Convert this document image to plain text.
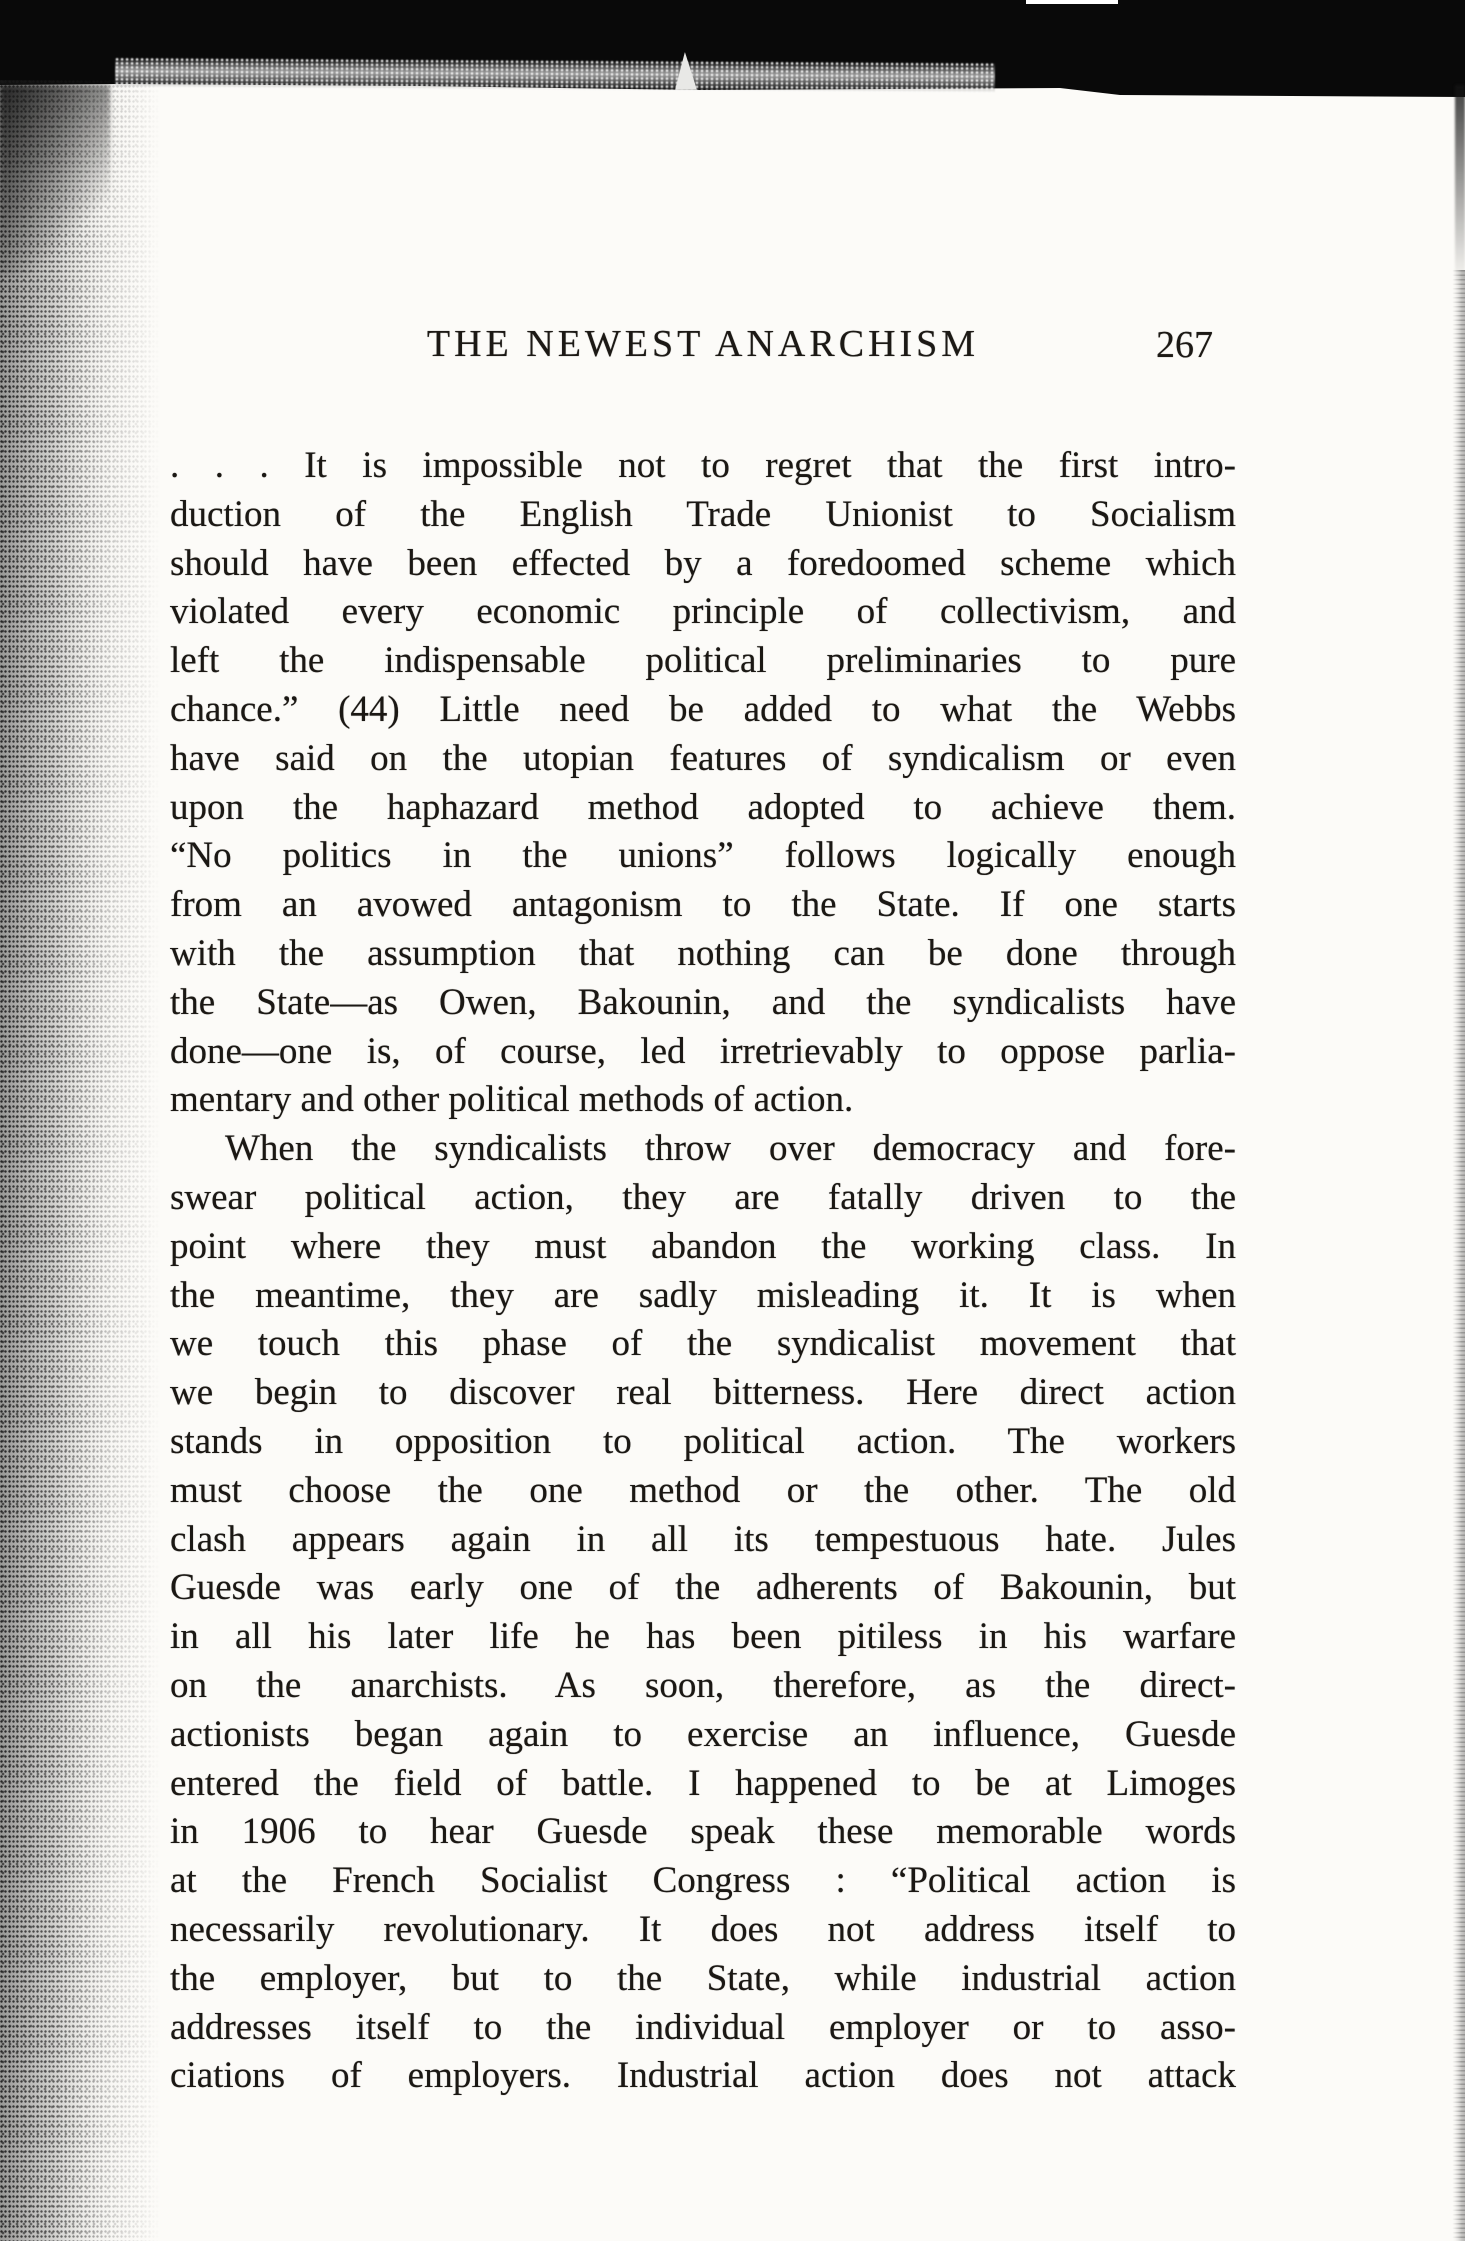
THE NEWEST ANARCHISM	267
. . . It is impossible not to regret that the first intro-
duction of the English Trade Unionist to Socialism
should have been effected by a foredoomed scheme which
violated every economic principle of collectivism, and
left the indispensable political preliminaries to pure
chance.” (44) Little need be added to what the Webbs
have said on the utopian features of syndicalism or even
upon the haphazard method adopted to achieve them.
“No politics in the unions” follows logically enough
from an avowed antagonism to the State. If one starts
with the assumption that nothing can be done through
the State—as Owen, Bakounin, and the syndicalists have
done—one is, of course, led irretrievably to oppose parlia-
mentary and other political methods of action.
When the syndicalists throw over democracy and fore-
swear political action, they are fatally driven to the
point where they must abandon the working class. In
the meantime, they are sadly misleading it. It is when
we touch this phase of the syndicalist movement that
we begin to discover real bitterness. Here direct action
stands in opposition to political action. The workers
must choose the one method or the other. The old
clash appears again in all its tempestuous hate. Jules
Guesde was early one of the adherents of Bakounin, but
in all his later life he has been pitiless in his warfare
on the anarchists. As soon, therefore, as the direct-
actionists began again to exercise an influence, Guesde
entered the field of battle. I happened to be at Limoges
in 1906 to hear Guesde speak these memorable words
at the French Socialist Congress : “Political action is
necessarily revolutionary. It does not address itself to
the employer, but to the State, while industrial action
addresses itself to the individual employer or to asso-
ciations of employers. Industrial action does not attack
